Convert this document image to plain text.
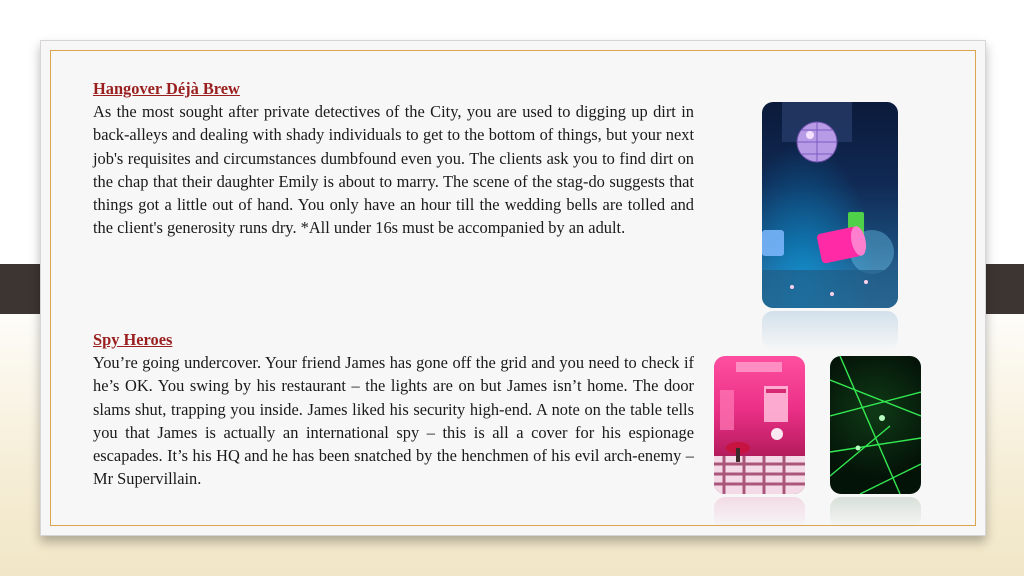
Hangover Déjà Brew
As the most sought after private detectives of the City, you are used to digging up dirt in back-alleys and dealing with shady individuals to get to the bottom of things, but your next job's requisites and circumstances dumbfound even you. The clients ask you to find dirt on the chap that their daughter Emily is about to marry. The scene of the stag-do suggests that things got a little out of hand. You only have an hour till the wedding bells are tolled and the client's generosity runs dry. *All under 16s must be accompanied by an adult.
Spy Heroes
You’re going undercover. Your friend James has gone off the grid and you need to check if he’s OK. You swing by his restaurant – the lights are on but James isn’t home. The door slams shut, trapping you inside. James liked his security high-end. A note on the table tells you that James is actually an international spy – this is all a cover for his espionage escapades. It’s his HQ and he has been snatched by the henchmen of his evil arch-enemy – Mr Supervillain.
